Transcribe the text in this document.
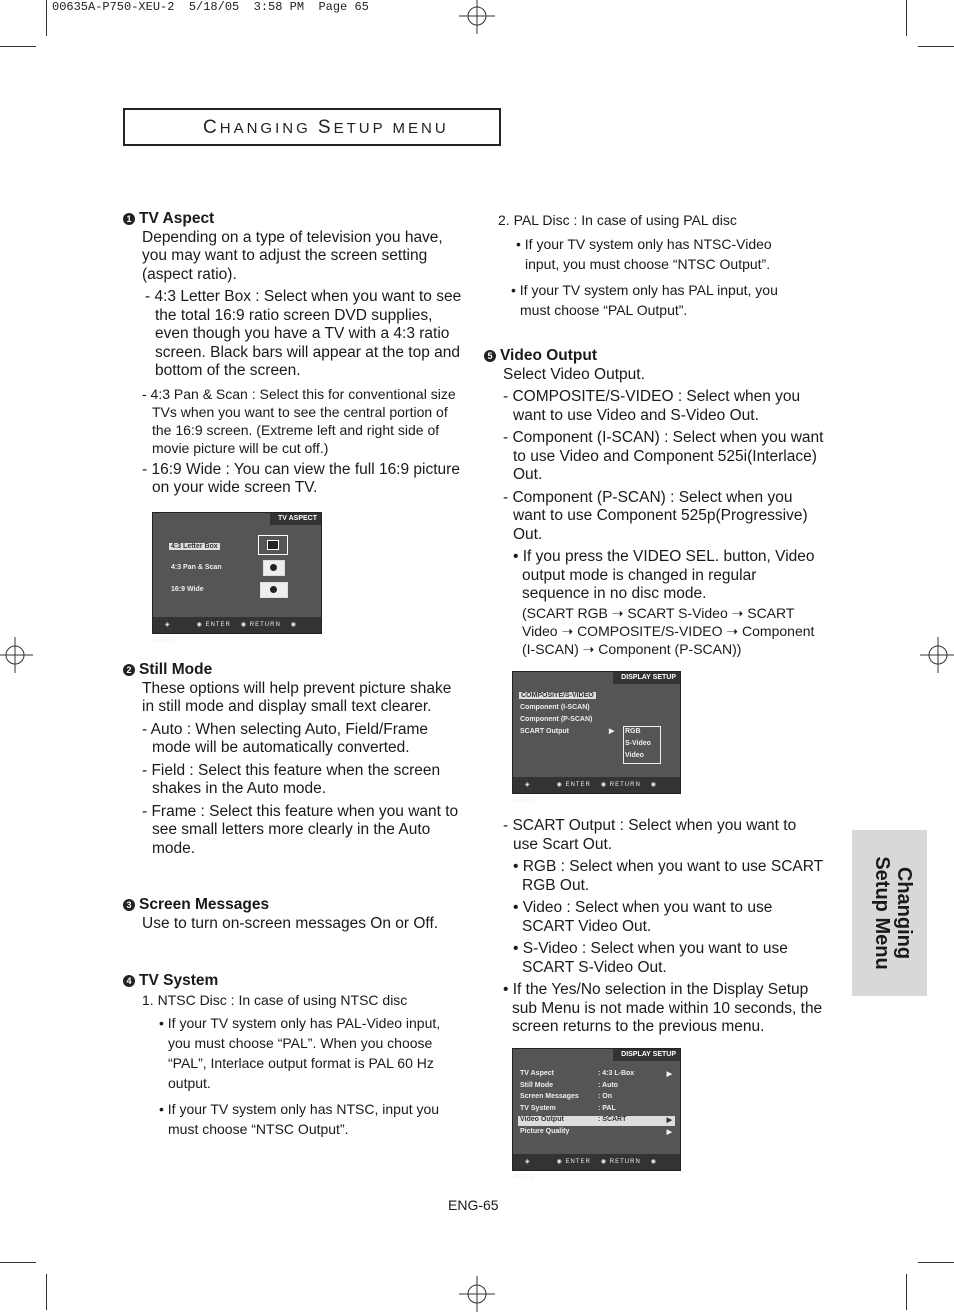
00635A-P750-XEU-2  5/18/05  3:58 PM  Page 65
CHANGING SETUP MENU
1 TV Aspect

Depending on a type of television you have, you may want to adjust the screen setting (aspect ratio).

- 4:3 Letter Box : Select when you want to see the total 16:9 ratio screen DVD supplies, even though you have a TV with a 4:3 ratio screen. Black bars will appear at the top and bottom of the screen.

- 4:3 Pan & Scan : Select this for conventional size TVs when you want to see the central portion of the 16:9 screen. (Extreme left and right side of movie picture will be cut off.)

- 16:9 Wide : You can view the full 16:9 picture on your wide screen TV.

TV ASPECT
4:3 Letter Box
4:3 Pan & Scan
16:9 Wide
◈	◉ ENTER ◉ RETURN ◉ MENU
2 Still Mode

These options will help prevent picture shake in still mode and display small text clearer.

- Auto : When selecting Auto, Field/Frame mode will be automatically converted.

- Field : Select this feature when the screen shakes in the Auto mode.

- Frame : Select this feature when you want to see small letters more clearly in the Auto mode.

3 Screen Messages

Use to turn on-screen messages On or Off.

4 TV System

1. NTSC Disc : In case of using NTSC disc

• If your TV system only has PAL-Video input, you must choose “PAL”. When you choose “PAL”, Interlace output format is PAL 60 Hz output.

• If your TV system only has NTSC, input you must choose “NTSC Output”.

2. PAL Disc : In case of using PAL disc

• If your TV system only has NTSC-Video input, you must choose “NTSC Output”.

• If your TV system only has PAL input, you must choose “PAL Output”.

5 Video Output

Select Video Output.

- COMPOSITE/S-VIDEO : Select when you want to use Video and S-Video Out.

- Component (I-SCAN) : Select when you want to use Video and Component 525i(Interlace) Out.

- Component (P-SCAN) : Select when you want to use Component 525p(Progressive) Out.

• If you press the VIDEO SEL. button, Video output mode is changed in regular sequence in no disc mode.

(SCART RGB ➝ SCART S-Video ➝ SCART Video ➝ COMPOSITE/S-VIDEO ➝ Component (I-SCAN) ➝ Component (P-SCAN))

DISPLAY SETUP
COMPOSITE/S-VIDEO
Component (I-SCAN)
Component (P-SCAN)
SCART Output	▶ RGB
S-Video
Video
◈	◉ ENTER ◉ RETURN ◉ MENU

- SCART Output : Select when you want to use Scart Out.

• RGB : Select when you want to use SCART RGB Out.

• Video : Select when you want to use SCART Video Out.

• S-Video : Select when you want to use SCART S-Video Out.

• If the Yes/No selection in the Display Setup sub Menu is not made within 10 seconds, the screen returns to the previous menu.

DISPLAY SETUP
TV Aspect	: 4:3 L-Box	▶
Still Mode	: Auto
Screen Messages	: On
TV System	: PAL
Video Output	: SCART	▶
Picture Quality	▶
◈	◉ ENTER ◉ RETURN ◉ MENU
Changing
Setup Menu
ENG-65
